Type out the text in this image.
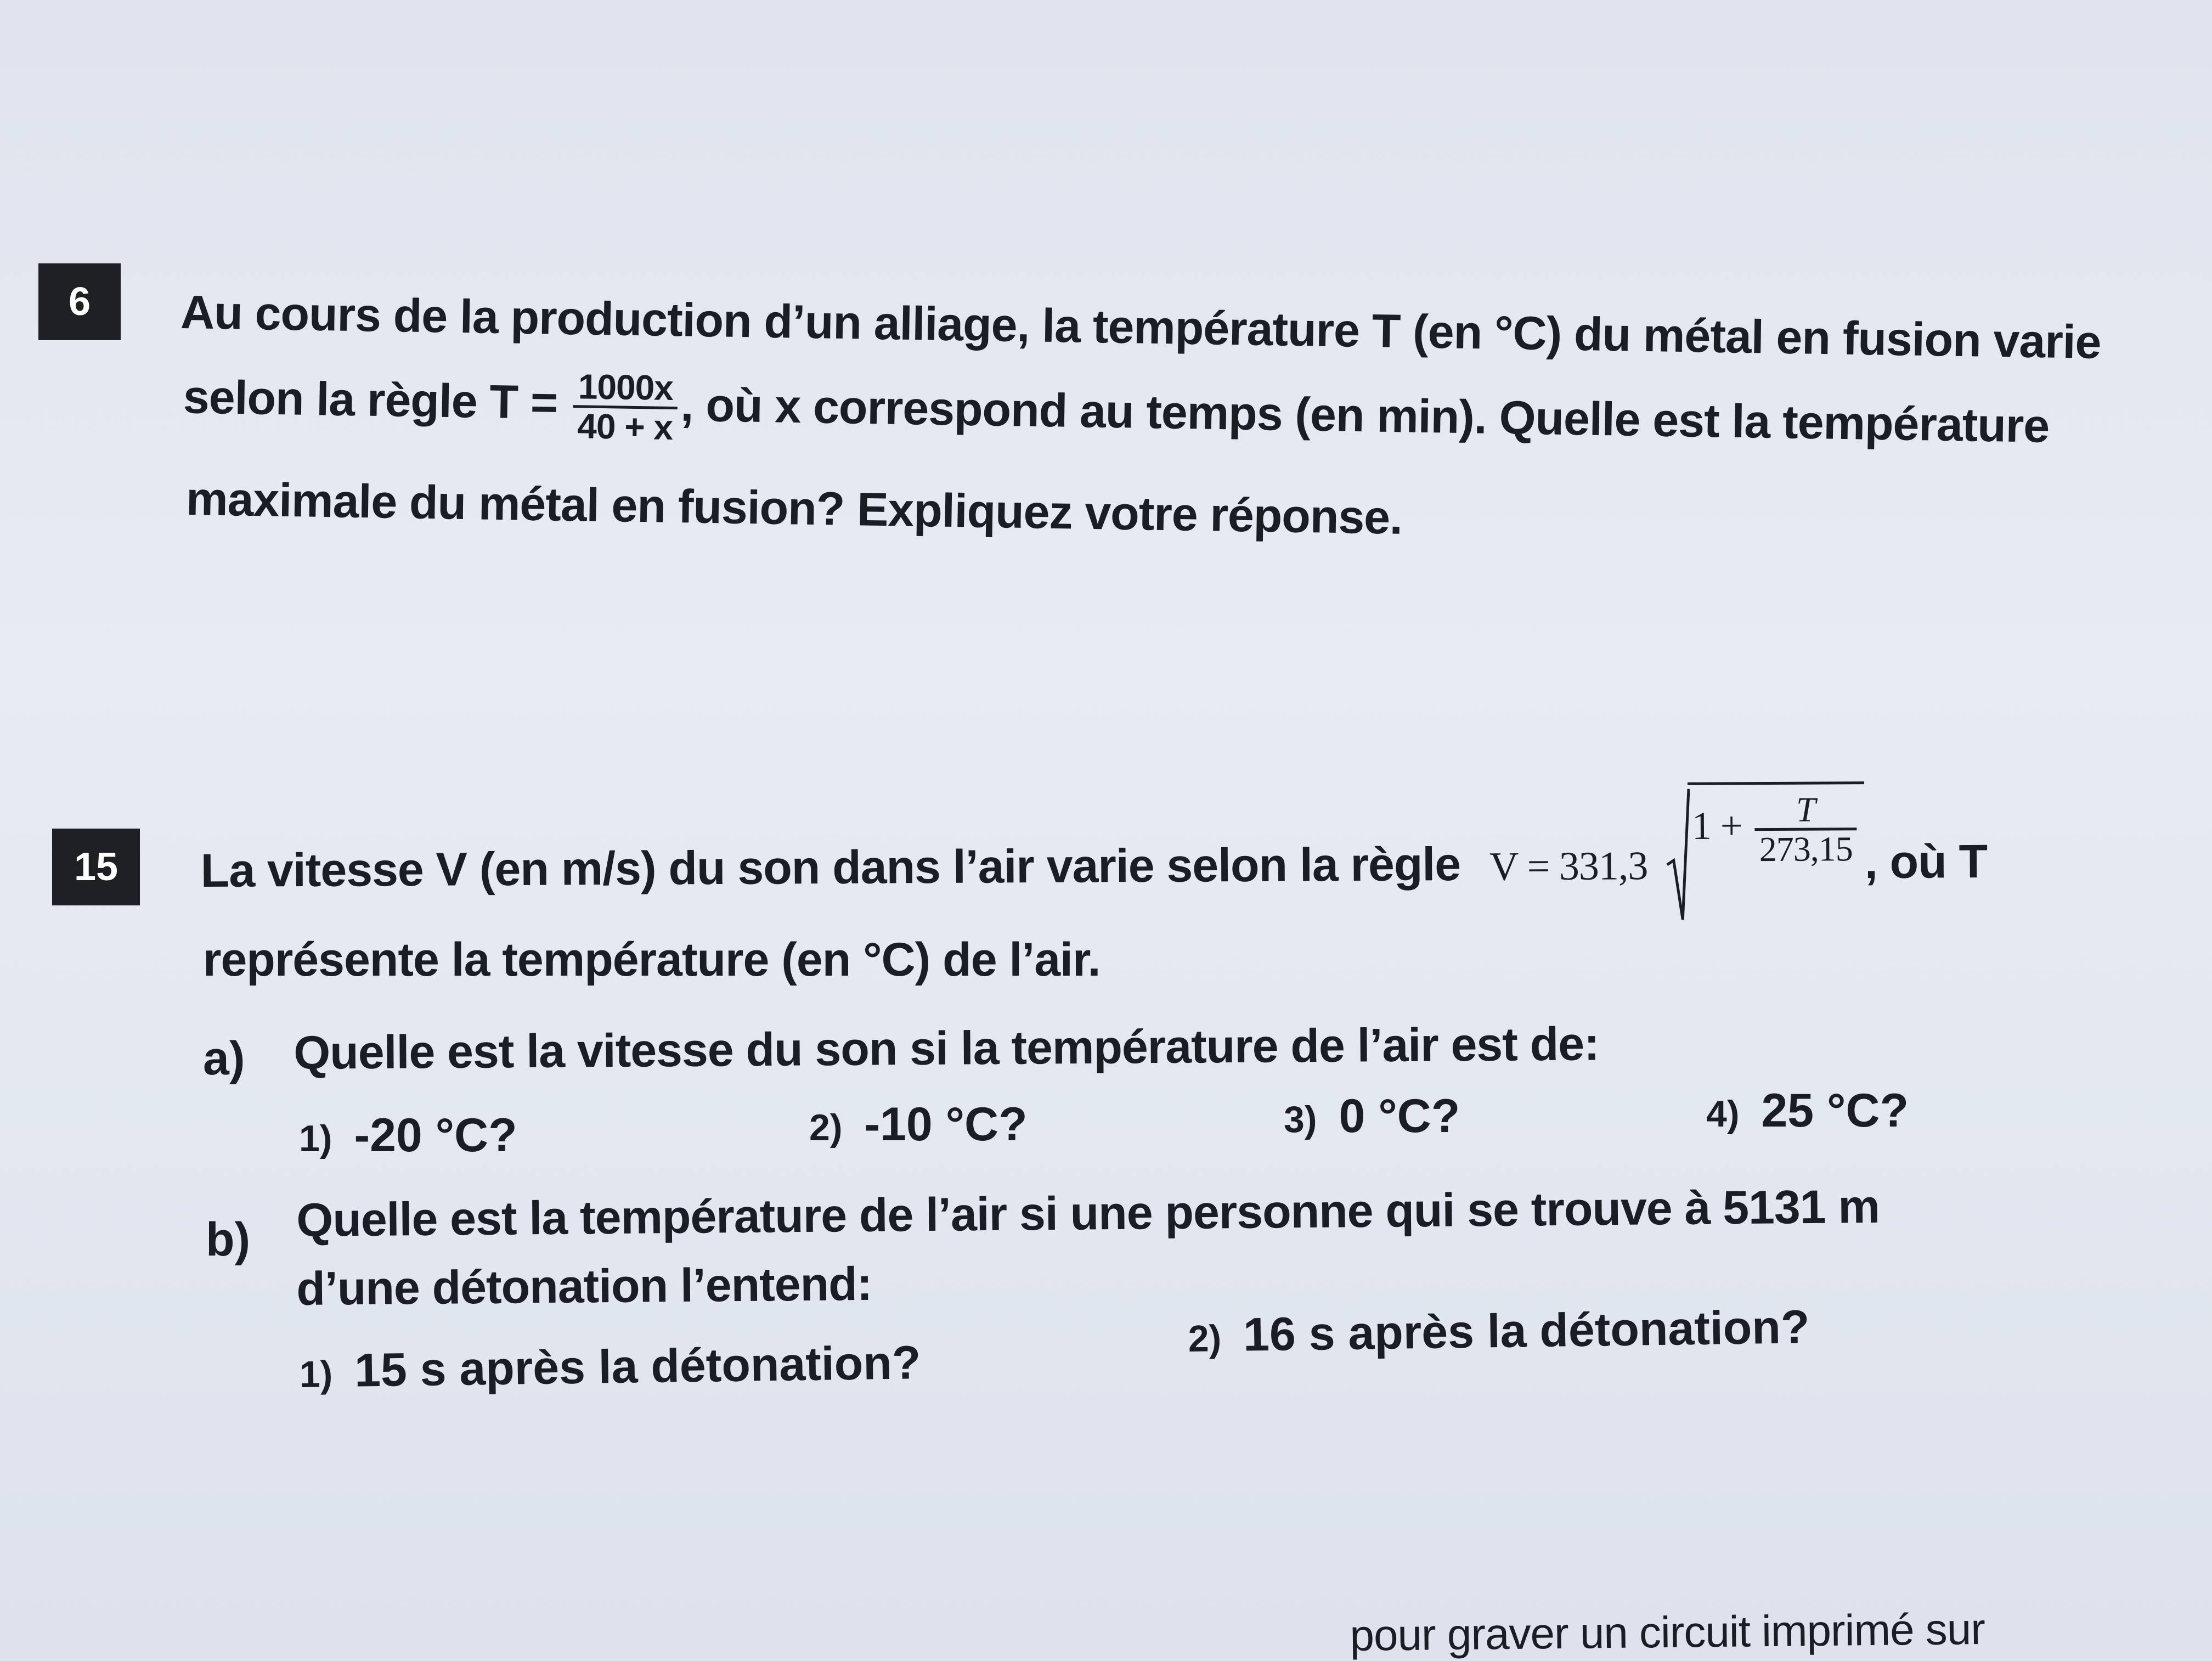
6	Au cours de la production d’un alliage, la température T (en °C) du métal en fusion varie
selon la règle $T = \frac{1000x}{40 + x}$ , où x correspond au temps (en min). Quelle est la température
maximale du métal en fusion? Expliquez votre réponse.
15	La vitesse V (en m/s) du son dans l’air varie selon la règle V = 331,3
$1 + \frac{T}{273,15}$ , où T
représente la température (en °C) de l’air.
a) Quelle est la vitesse du son si la température de l’air est de:
1) -20 °C?	2) -10 °C?	3) 0 °C?	4) 25 °C?
b) Quelle est la température de l’air si une personne qui se trouve à 5131 m
d’une détonation l’entend:
1) 15 s après la détonation?	2) 16 s après la détonation?
pour graver un circuit imprimé sur
